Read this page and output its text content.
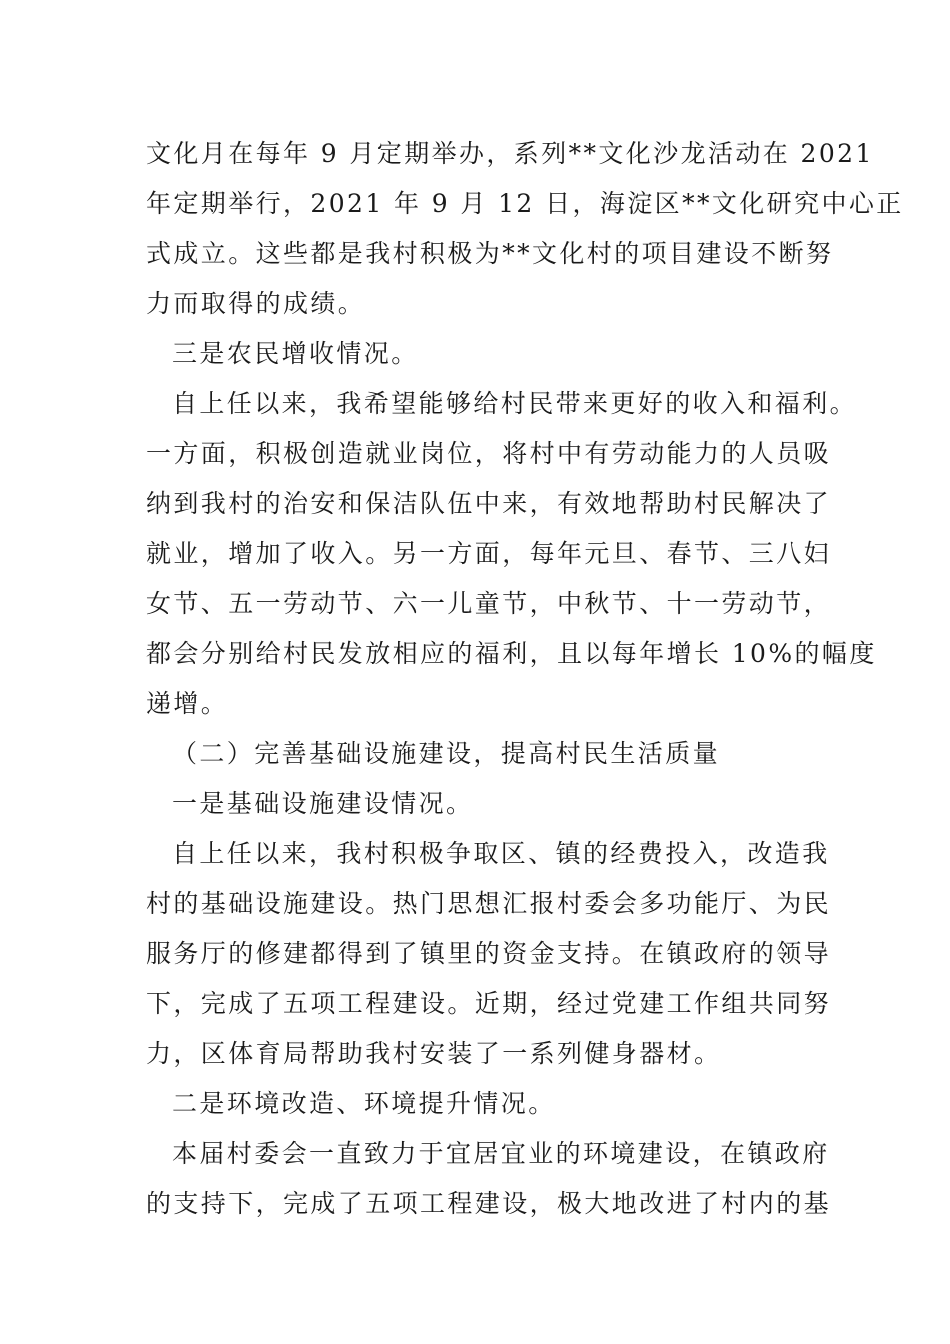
文化月在每年 9 月定期举办，系列**文化沙龙活动在 2021
年定期举行，2021 年 9 月 12 日，海淀区**文化研究中心正
式成立。这些都是我村积极为**文化村的项目建设不断努
力而取得的成绩。
三是农民增收情况。
自上任以来，我希望能够给村民带来更好的收入和福利。
一方面，积极创造就业岗位，将村中有劳动能力的人员吸
纳到我村的治安和保洁队伍中来，有效地帮助村民解决了
就业，增加了收入。另一方面，每年元旦、春节、三八妇
女节、五一劳动节、六一儿童节，中秋节、十一劳动节，
都会分别给村民发放相应的福利，且以每年增长 10%的幅度
递增。
（二）完善基础设施建设，提高村民生活质量
一是基础设施建设情况。
自上任以来，我村积极争取区、镇的经费投入，改造我
村的基础设施建设。热门思想汇报村委会多功能厅、为民
服务厅的修建都得到了镇里的资金支持。在镇政府的领导
下，完成了五项工程建设。近期，经过党建工作组共同努
力，区体育局帮助我村安装了一系列健身器材。
二是环境改造、环境提升情况。
本届村委会一直致力于宜居宜业的环境建设，在镇政府
的支持下，完成了五项工程建设，极大地改进了村内的基
